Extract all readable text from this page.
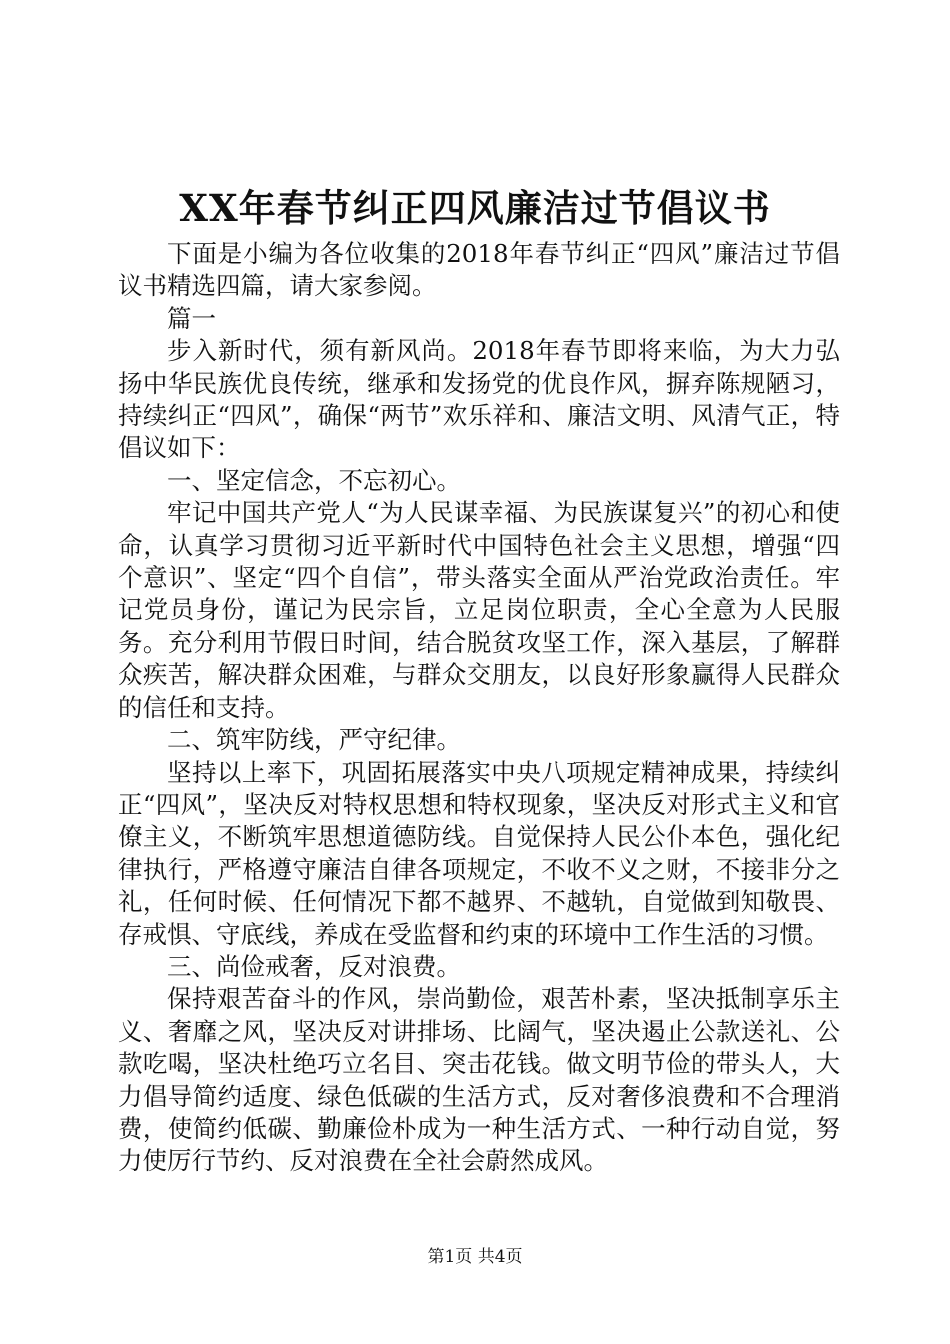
XX年春节纠正四风廉洁过节倡议书

下面是小编为各位收集的2018年春节纠正“四风”廉洁过节倡议书精选四篇，请大家参阅。

篇一

步入新时代，须有新风尚。2018年春节即将来临，为大力弘扬中华民族优良传统，继承和发扬党的优良作风，摒弃陈规陋习，持续纠正“四风”，确保“两节”欢乐祥和、廉洁文明、风清气正，特倡议如下：

一、坚定信念，不忘初心。

牢记中国共产党人“为人民谋幸福、为民族谋复兴”的初心和使命，认真学习贯彻习近平新时代中国特色社会主义思想，增强“四个意识”、坚定“四个自信”，带头落实全面从严治党政治责任。牢记党员身份，谨记为民宗旨，立足岗位职责，全心全意为人民服务。充分利用节假日时间，结合脱贫攻坚工作，深入基层，了解群众疾苦，解决群众困难，与群众交朋友，以良好形象赢得人民群众的信任和支持。

二、筑牢防线，严守纪律。

坚持以上率下，巩固拓展落实中央八项规定精神成果，持续纠正“四风”，坚决反对特权思想和特权现象，坚决反对形式主义和官僚主义，不断筑牢思想道德防线。自觉保持人民公仆本色，强化纪律执行，严格遵守廉洁自律各项规定，不收不义之财，不接非分之礼，任何时候、任何情况下都不越界、不越轨，自觉做到知敬畏、存戒惧、守底线，养成在受监督和约束的环境中工作生活的习惯。

三、尚俭戒奢，反对浪费。

保持艰苦奋斗的作风，崇尚勤俭，艰苦朴素，坚决抵制享乐主义、奢靡之风，坚决反对讲排场、比阔气，坚决遏止公款送礼、公款吃喝，坚决杜绝巧立名目、突击花钱。做文明节俭的带头人，大力倡导简约适度、绿色低碳的生活方式，反对奢侈浪费和不合理消费，使简约低碳、勤廉俭朴成为一种生活方式、一种行动自觉，努力使厉行节约、反对浪费在全社会蔚然成风。

第1页 共4页
